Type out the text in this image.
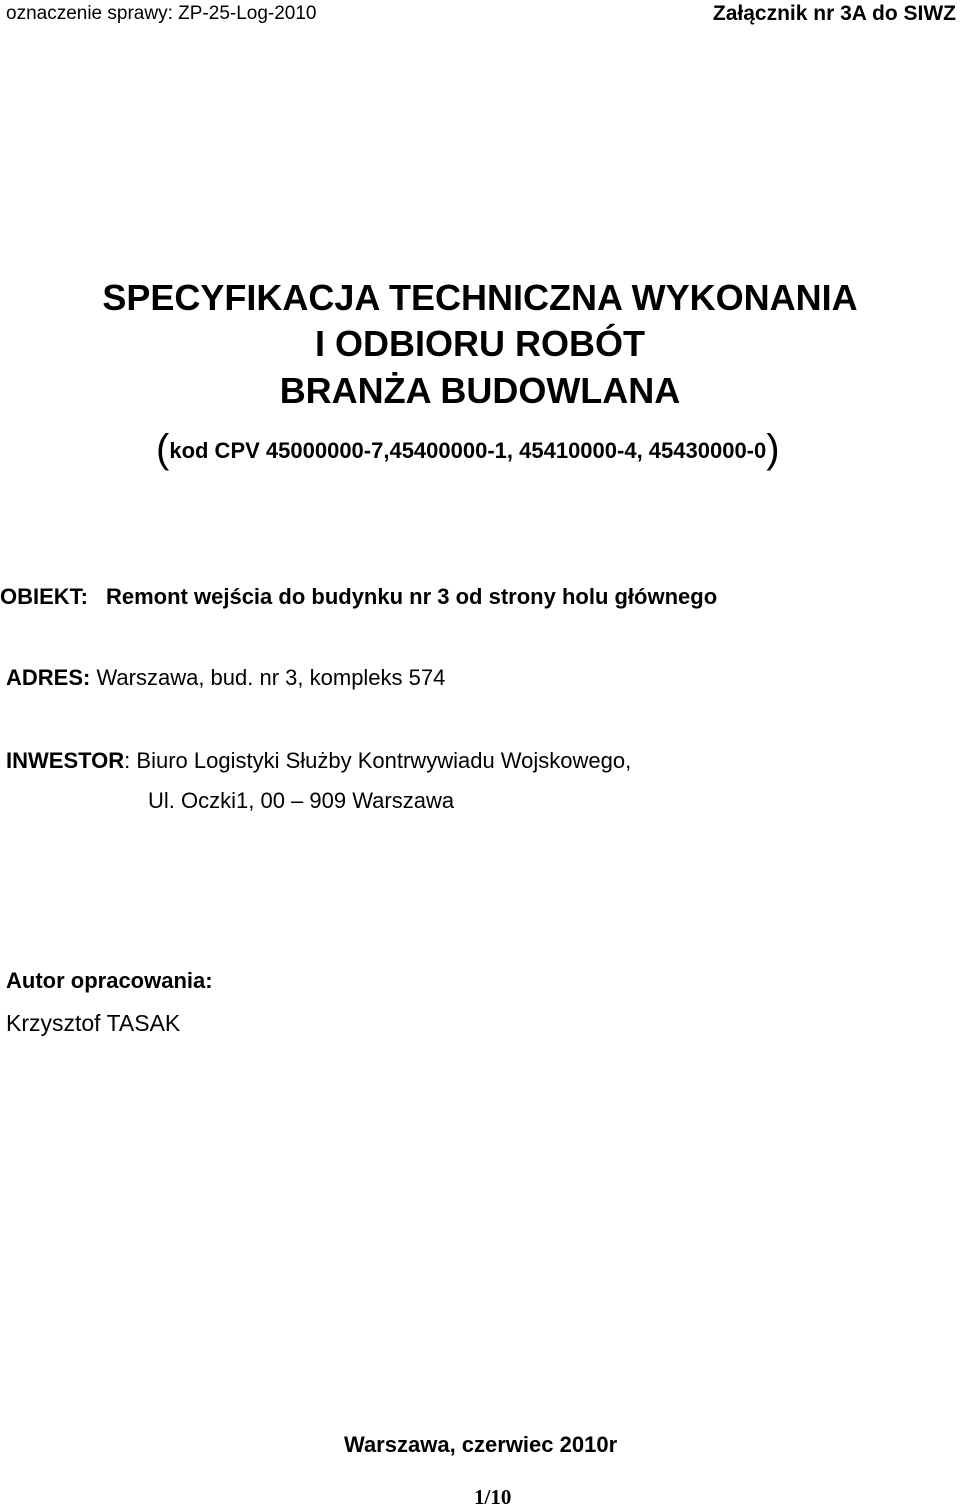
oznaczenie sprawy: ZP-25-Log-2010	Załącznik nr 3A do SIWZ
SPECYFIKACJA TECHNICZNA WYKONANIA
I ODBIORU ROBÓT
BRANŻA BUDOWLANA
(kod CPV 45000000-7,45400000-1, 45410000-4, 45430000-0)
OBIEKT: Remont wejścia do budynku nr 3 od strony holu głównego
ADRES: Warszawa, bud. nr 3, kompleks 574
INWESTOR: Biuro Logistyki Służby Kontrwywiadu Wojskowego,
Ul. Oczki1, 00 – 909 Warszawa
Autor opracowania:
Krzysztof TASAK
Warszawa, czerwiec 2010r
1/10
